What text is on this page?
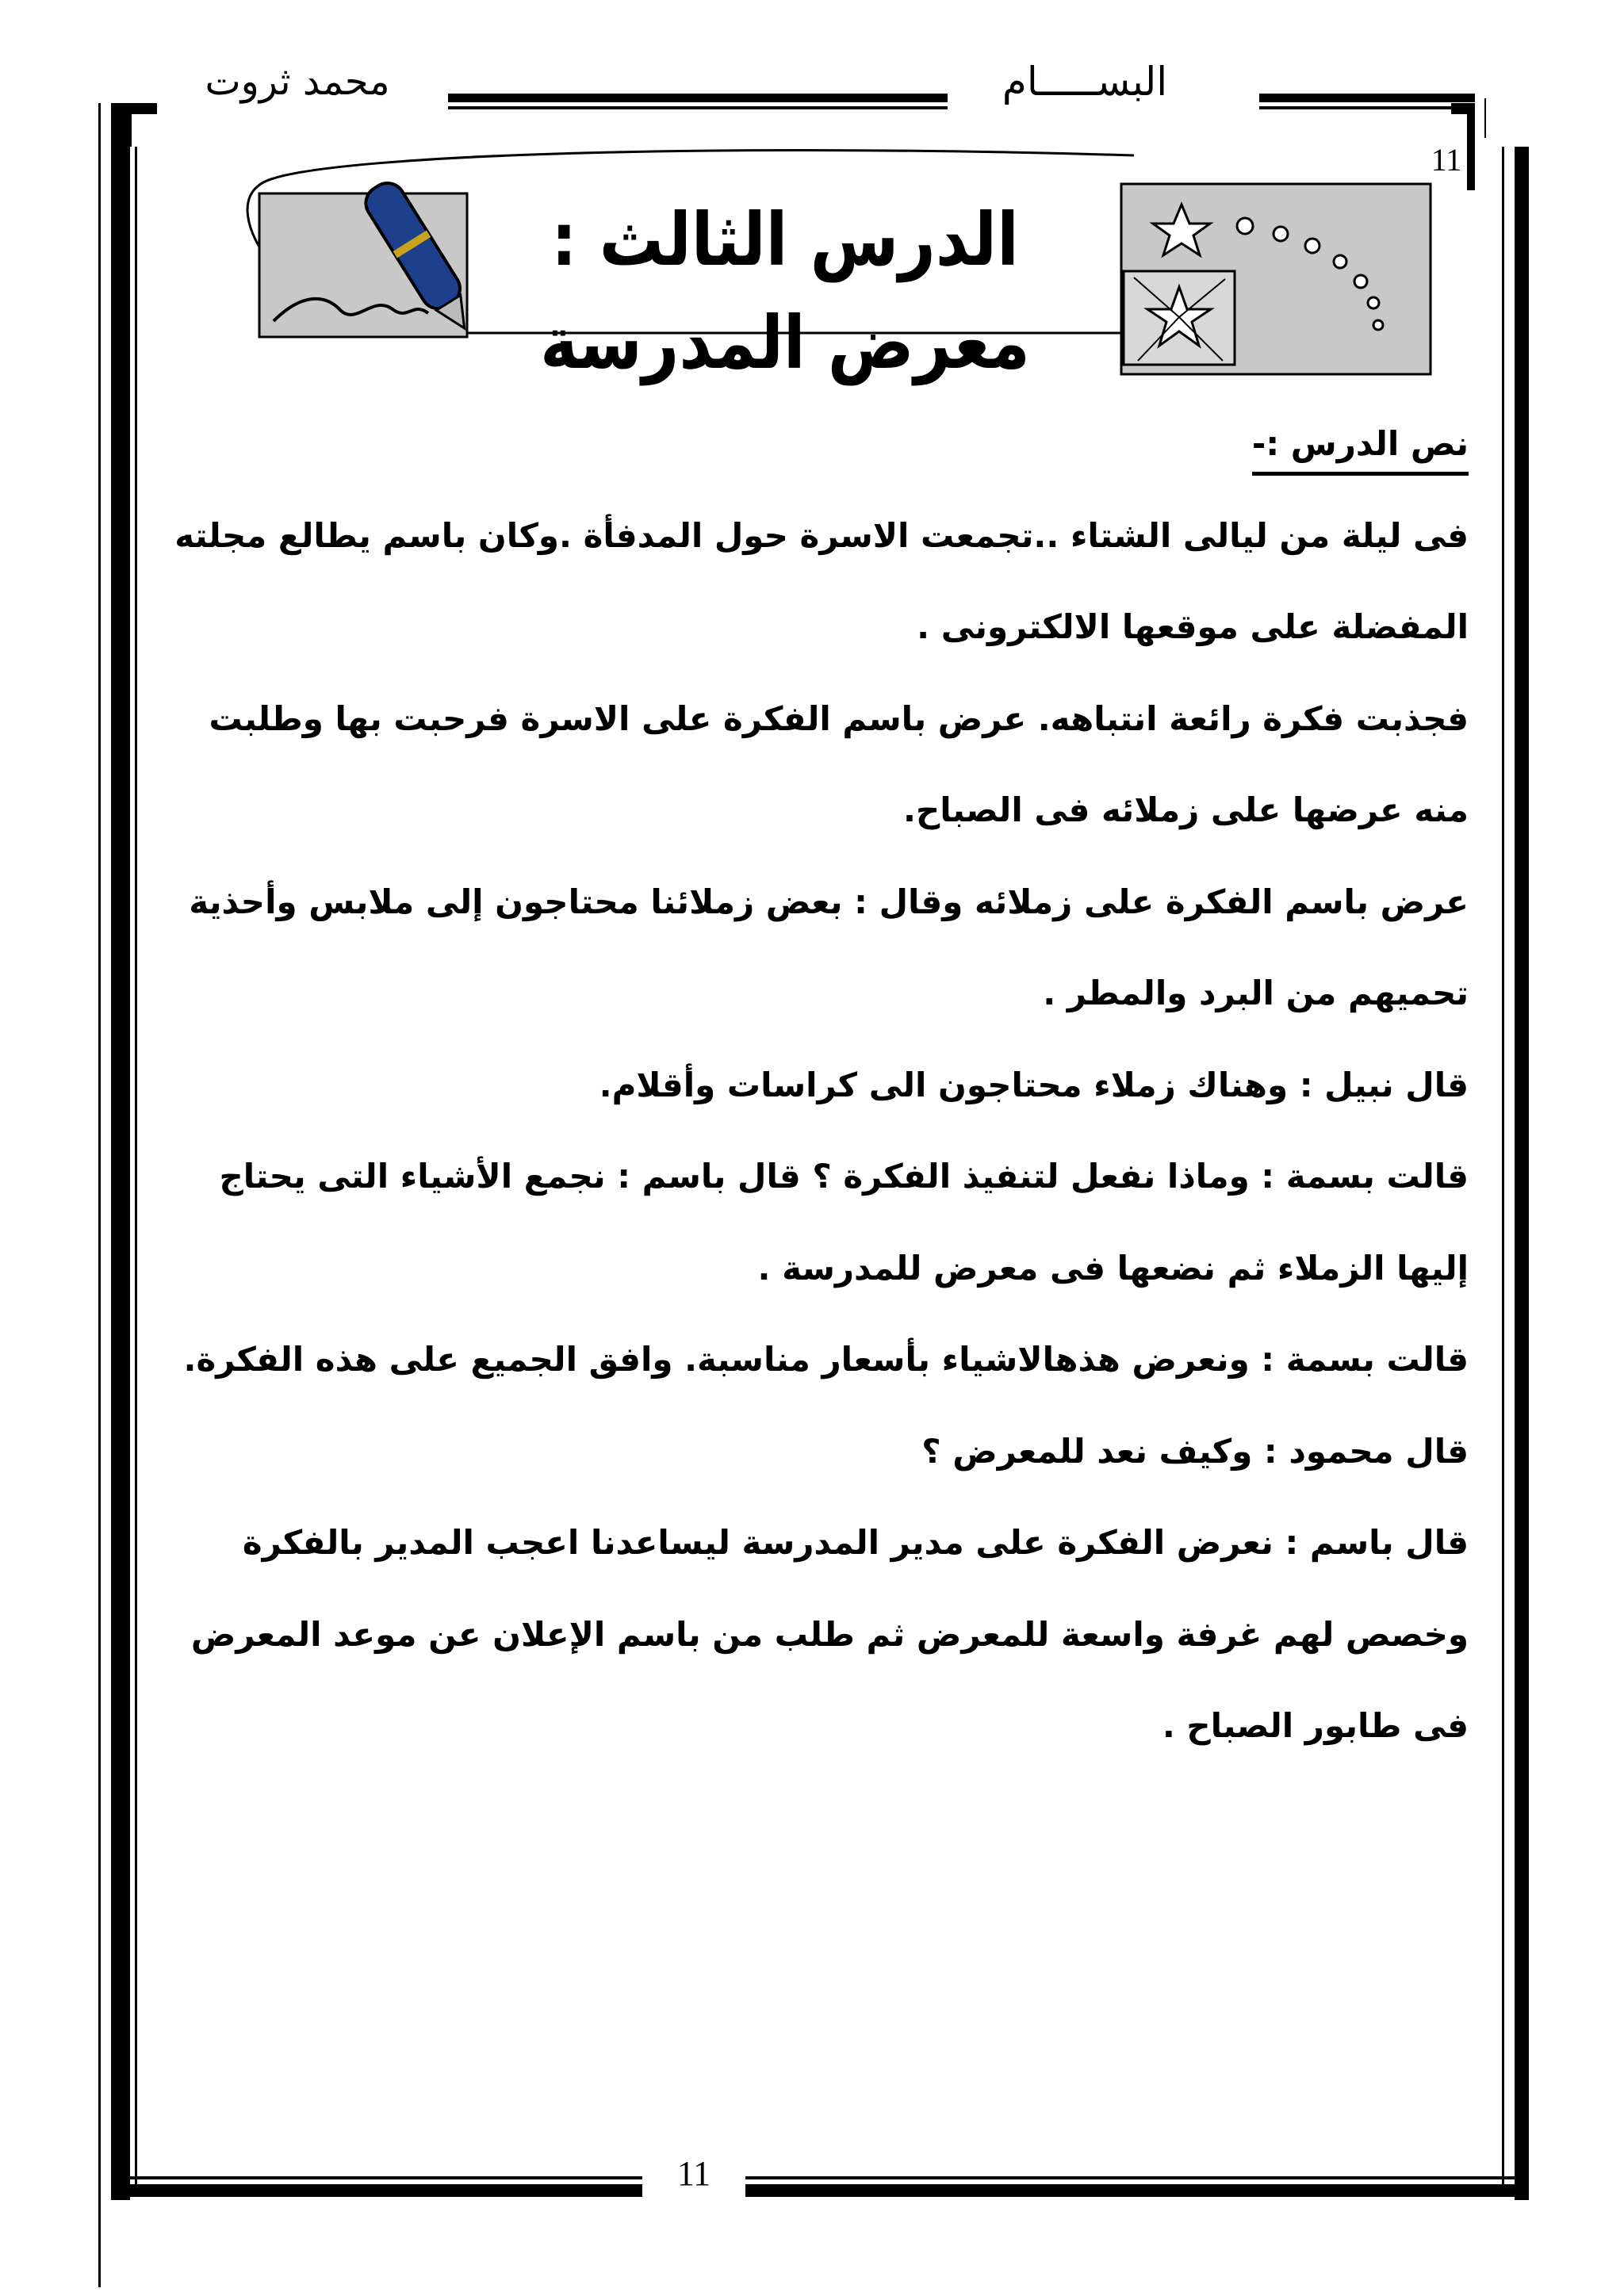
البســـــام
محمد ثروت
11
الدرس الثالث : معرض المدرسة

نص الدرس :-

فى ليلة من ليالى الشتاء ..تجمعت الاسرة حول المدفأة .وكان باسم يطالع مجلته المفضلة على موقعها الالكترونى .

فجذبت فكرة رائعة انتباهه. عرض باسم الفكرة على الاسرة فرحبت بها وطلبت منه عرضها على زملائه فى الصباح.

عرض باسم الفكرة على زملائه وقال : بعض زملائنا محتاجون إلى ملابس وأحذية تحميهم من البرد والمطر .

قال نبيل : وهناك زملاء محتاجون الى كراسات وأقلام.

قالت بسمة : وماذا نفعل لتنفيذ الفكرة ؟ قال باسم : نجمع الأشياء التى يحتاج إليها الزملاء ثم نضعها فى معرض للمدرسة .

قالت بسمة : ونعرض هذهالاشياء بأسعار مناسبة. وافق الجميع على هذه الفكرة.

قال محمود : وكيف نعد للمعرض ؟

قال باسم : نعرض الفكرة على مدير المدرسة ليساعدنا اعجب المدير بالفكرة وخصص لهم غرفة واسعة للمعرض ثم طلب من باسم الإعلان عن موعد المعرض فى طابور الصباح .

11
